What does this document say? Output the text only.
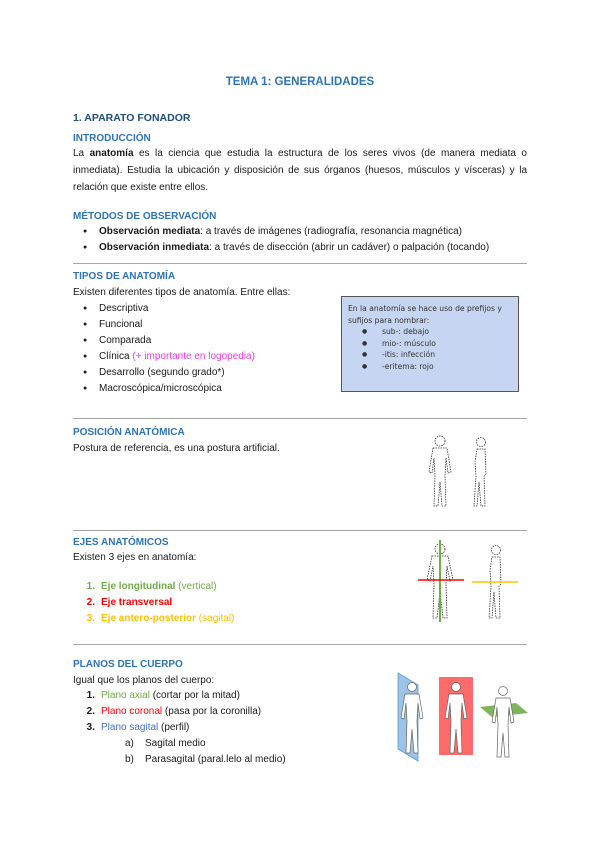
TEMA 1: GENERALIDADES
1. APARATO FONADOR
INTRODUCCIÓN
La anatomía es la ciencia que estudia la estructura de los seres vivos (de manera mediata o inmediata). Estudia la ubicación y disposición de sus órganos (huesos, músculos y vísceras) y la relación que existe entre ellos.
MÉTODOS DE OBSERVACIÓN
● Observación mediata: a través de imágenes (radiografía, resonancia magnética)
● Observación inmediata: a través de disección (abrir un cadáver) o palpación (tocando)
TIPOS DE ANATOMÍA
Existen diferentes tipos de anatomía. Entre ellas:
● Descriptiva
● Funcional
● Comparada
● Clínica (+ importante en logopedia)
● Desarrollo (segundo grado*)
● Macroscópica/microscópica
En la anatomía se hace uso de prefijos y sufijos para nombrar:
● sub-: debajo
● mio-: músculo
● -itis: infección
● -eritema: rojo
POSICIÓN ANATÓMICA
Postura de referencia, es una postura artificial.
EJES ANATÓMICOS
Existen 3 ejes en anatomía:
1. Eje longitudinal (vertical)
2. Eje transversal
3. Eje antero-posterior (sagital)
PLANOS DEL CUERPO
Igual que los planos del cuerpo:
1. Plano axial (cortar por la mitad)
2. Plano coronal (pasa por la coronilla)
3. Plano sagital (perfil)
a) Sagital medio
b) Parasagital (paral.lelo al medio)
